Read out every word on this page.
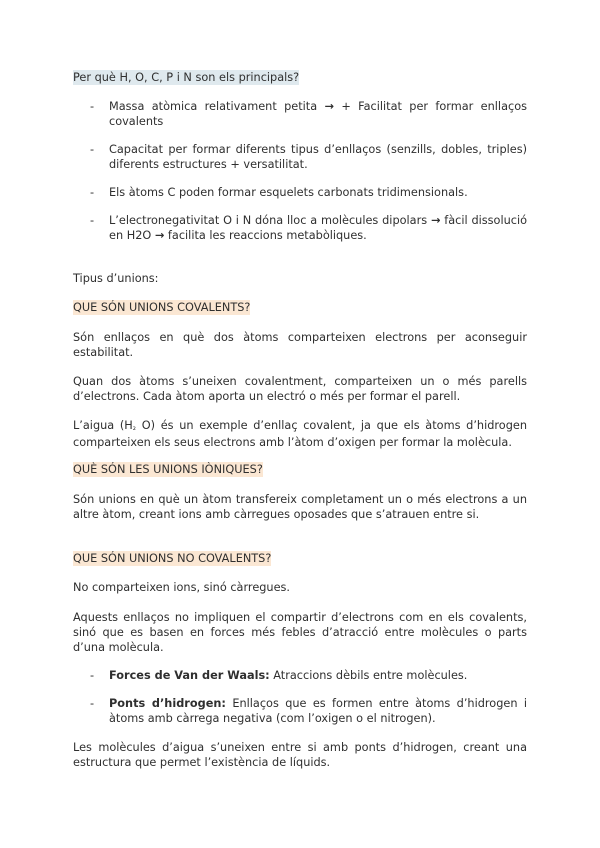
Per què H, O, C, P i N son els principals?

- Massa atòmica relativament petita → + Facilitat per formar enllaços covalents
- Capacitat per formar diferents tipus d’enllaços (senzills, dobles, triples) diferents estructures + versatilitat.
- Els àtoms C poden formar esquelets carbonats tridimensionals.
- L’electronegativitat O i N dóna lloc a molècules dipolars → fàcil dissolució en H2O → facilita les reaccions metabòliques.

Tipus d’unions:

QUE SÓN UNIONS COVALENTS?

Són enllaços en què dos àtoms comparteixen electrons per aconseguir estabilitat.

Quan dos àtoms s’uneixen covalentment, comparteixen un o més parells d’electrons. Cada àtom aporta un electró o més per formar el parell.

L’aigua (H₂ O) és un exemple d’enllaç covalent, ja que els àtoms d’hidrogen comparteixen els seus electrons amb l’àtom d’oxigen per formar la molècula.

QUÈ SÓN LES UNIONS IÒNIQUES?

Són unions en què un àtom transfereix completament un o més electrons a un altre àtom, creant ions amb càrregues oposades que s’atrauen entre si.

QUE SÓN UNIONS NO COVALENTS?

No comparteixen ions, sinó càrregues.

Aquests enllaços no impliquen el compartir d’electrons com en els covalents, sinó que es basen en forces més febles d’atracció entre molècules o parts d’una molècula.

- Forces de Van der Waals: Atraccions dèbils entre molècules.
- Ponts d’hidrogen: Enllaços que es formen entre àtoms d’hidrogen i àtoms amb càrrega negativa (com l’oxigen o el nitrogen).

Les molècules d’aigua s’uneixen entre si amb ponts d’hidrogen, creant una estructura que permet l’existència de líquids.
